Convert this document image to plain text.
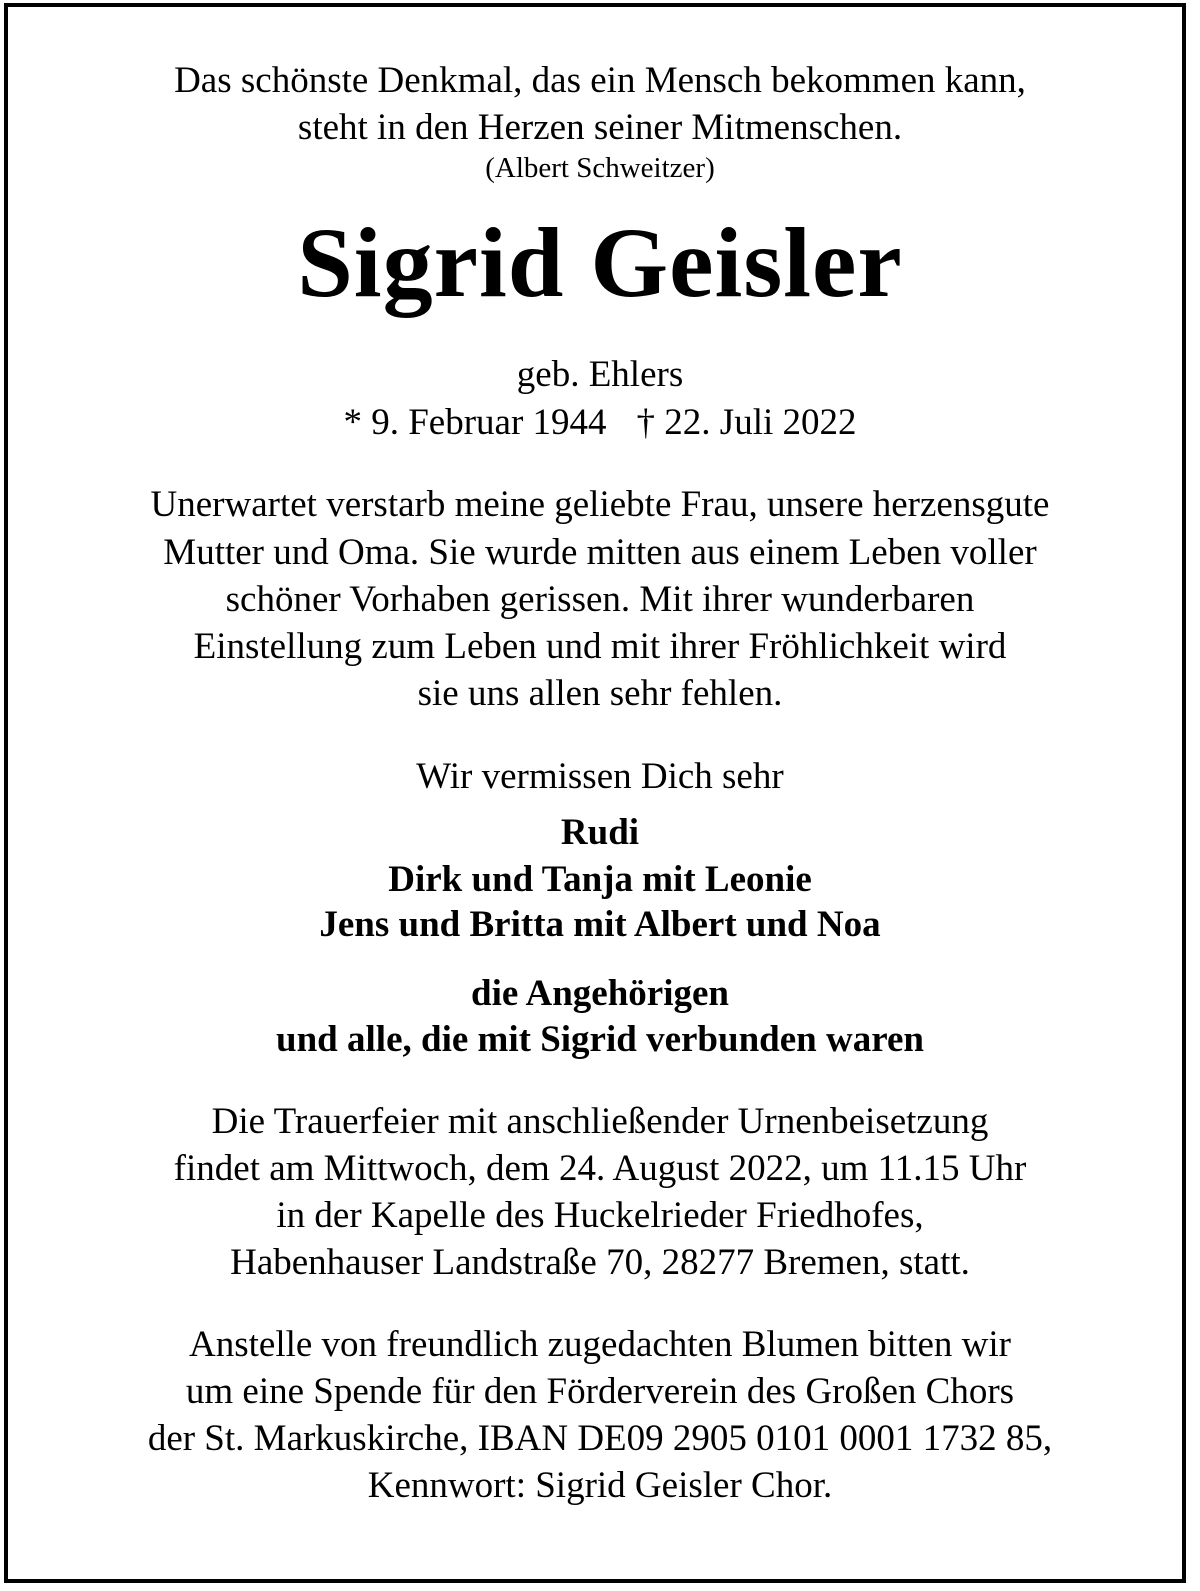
Das schönste Denkmal, das ein Mensch bekommen kann,
steht in den Herzen seiner Mitmenschen.
(Albert Schweitzer)
Sigrid Geisler
geb. Ehlers
* 9. Februar 1944 † 22. Juli 2022
Unerwartet verstarb meine geliebte Frau, unsere herzensgute
Mutter und Oma. Sie wurde mitten aus einem Leben voller
schöner Vorhaben gerissen. Mit ihrer wunderbaren
Einstellung zum Leben und mit ihrer Fröhlichkeit wird
sie uns allen sehr fehlen.
Wir vermissen Dich sehr
Rudi
Dirk und Tanja mit Leonie
Jens und Britta mit Albert und Noa
die Angehörigen
und alle, die mit Sigrid verbunden waren
Die Trauerfeier mit anschließender Urnenbeisetzung
findet am Mittwoch, dem 24. August 2022, um 11.15 Uhr
in der Kapelle des Huckelrieder Friedhofes,
Habenhauser Landstraße 70, 28277 Bremen, statt.
Anstelle von freundlich zugedachten Blumen bitten wir
um eine Spende für den Förderverein des Großen Chors
der St. Markuskirche, IBAN DE09 2905 0101 0001 1732 85,
Kennwort: Sigrid Geisler Chor.
